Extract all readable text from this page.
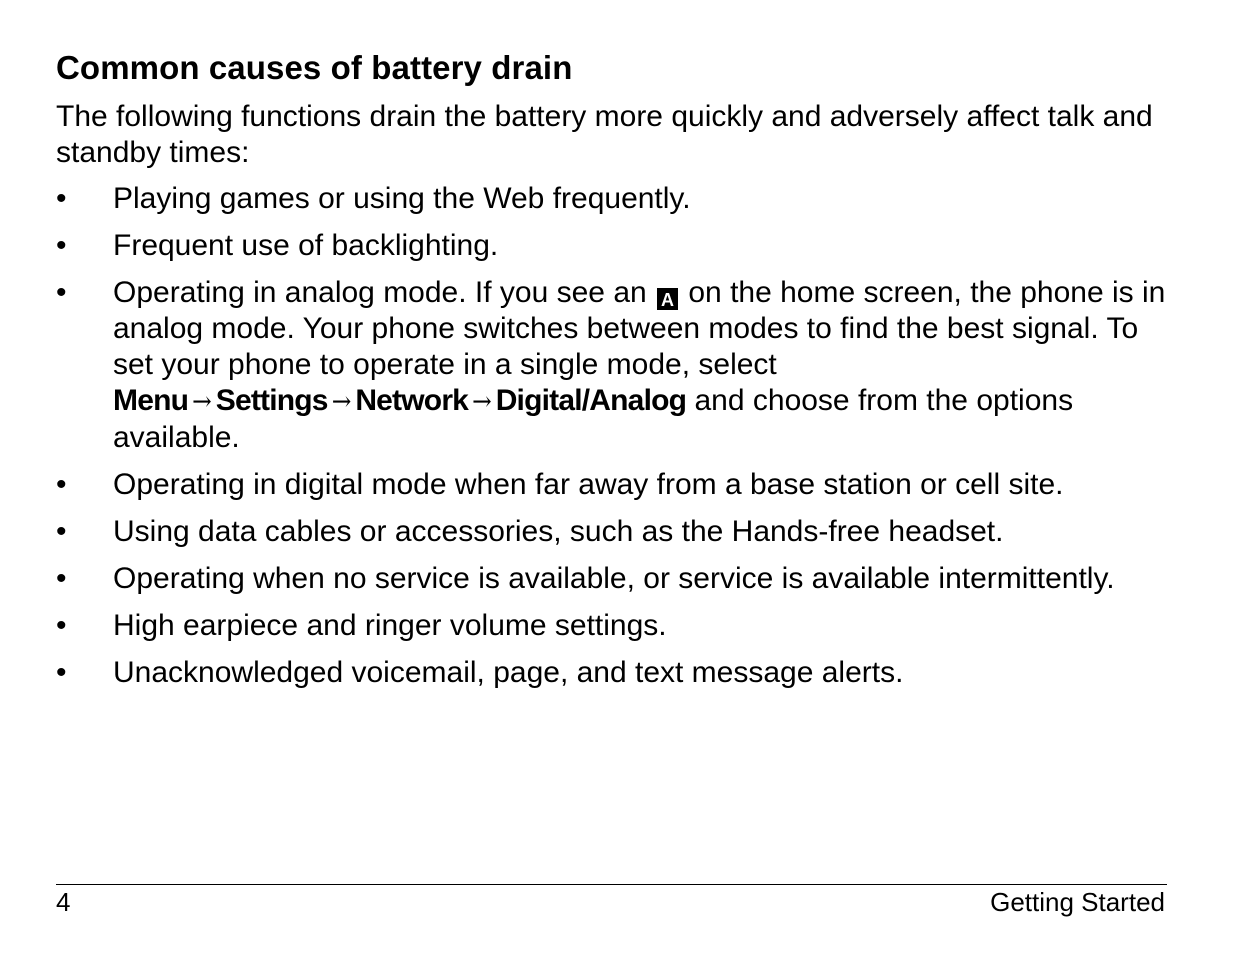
Common causes of battery drain

The following functions drain the battery more quickly and adversely affect talk and standby times:

•	Playing games or using the Web frequently.
•	Frequent use of backlighting.
•	Operating in analog mode. If you see an A on the home screen, the phone is in analog mode. Your phone switches between modes to find the best signal. To set your phone to operate in a single mode, select Menu → Settings → Network → Digital/Analog and choose from the options available.
•	Operating in digital mode when far away from a base station or cell site.
•	Using data cables or accessories, such as the Hands-free headset.
•	Operating when no service is available, or service is available intermittently.
•	High earpiece and ringer volume settings.
•	Unacknowledged voicemail, page, and text message alerts.
4	Getting Started
